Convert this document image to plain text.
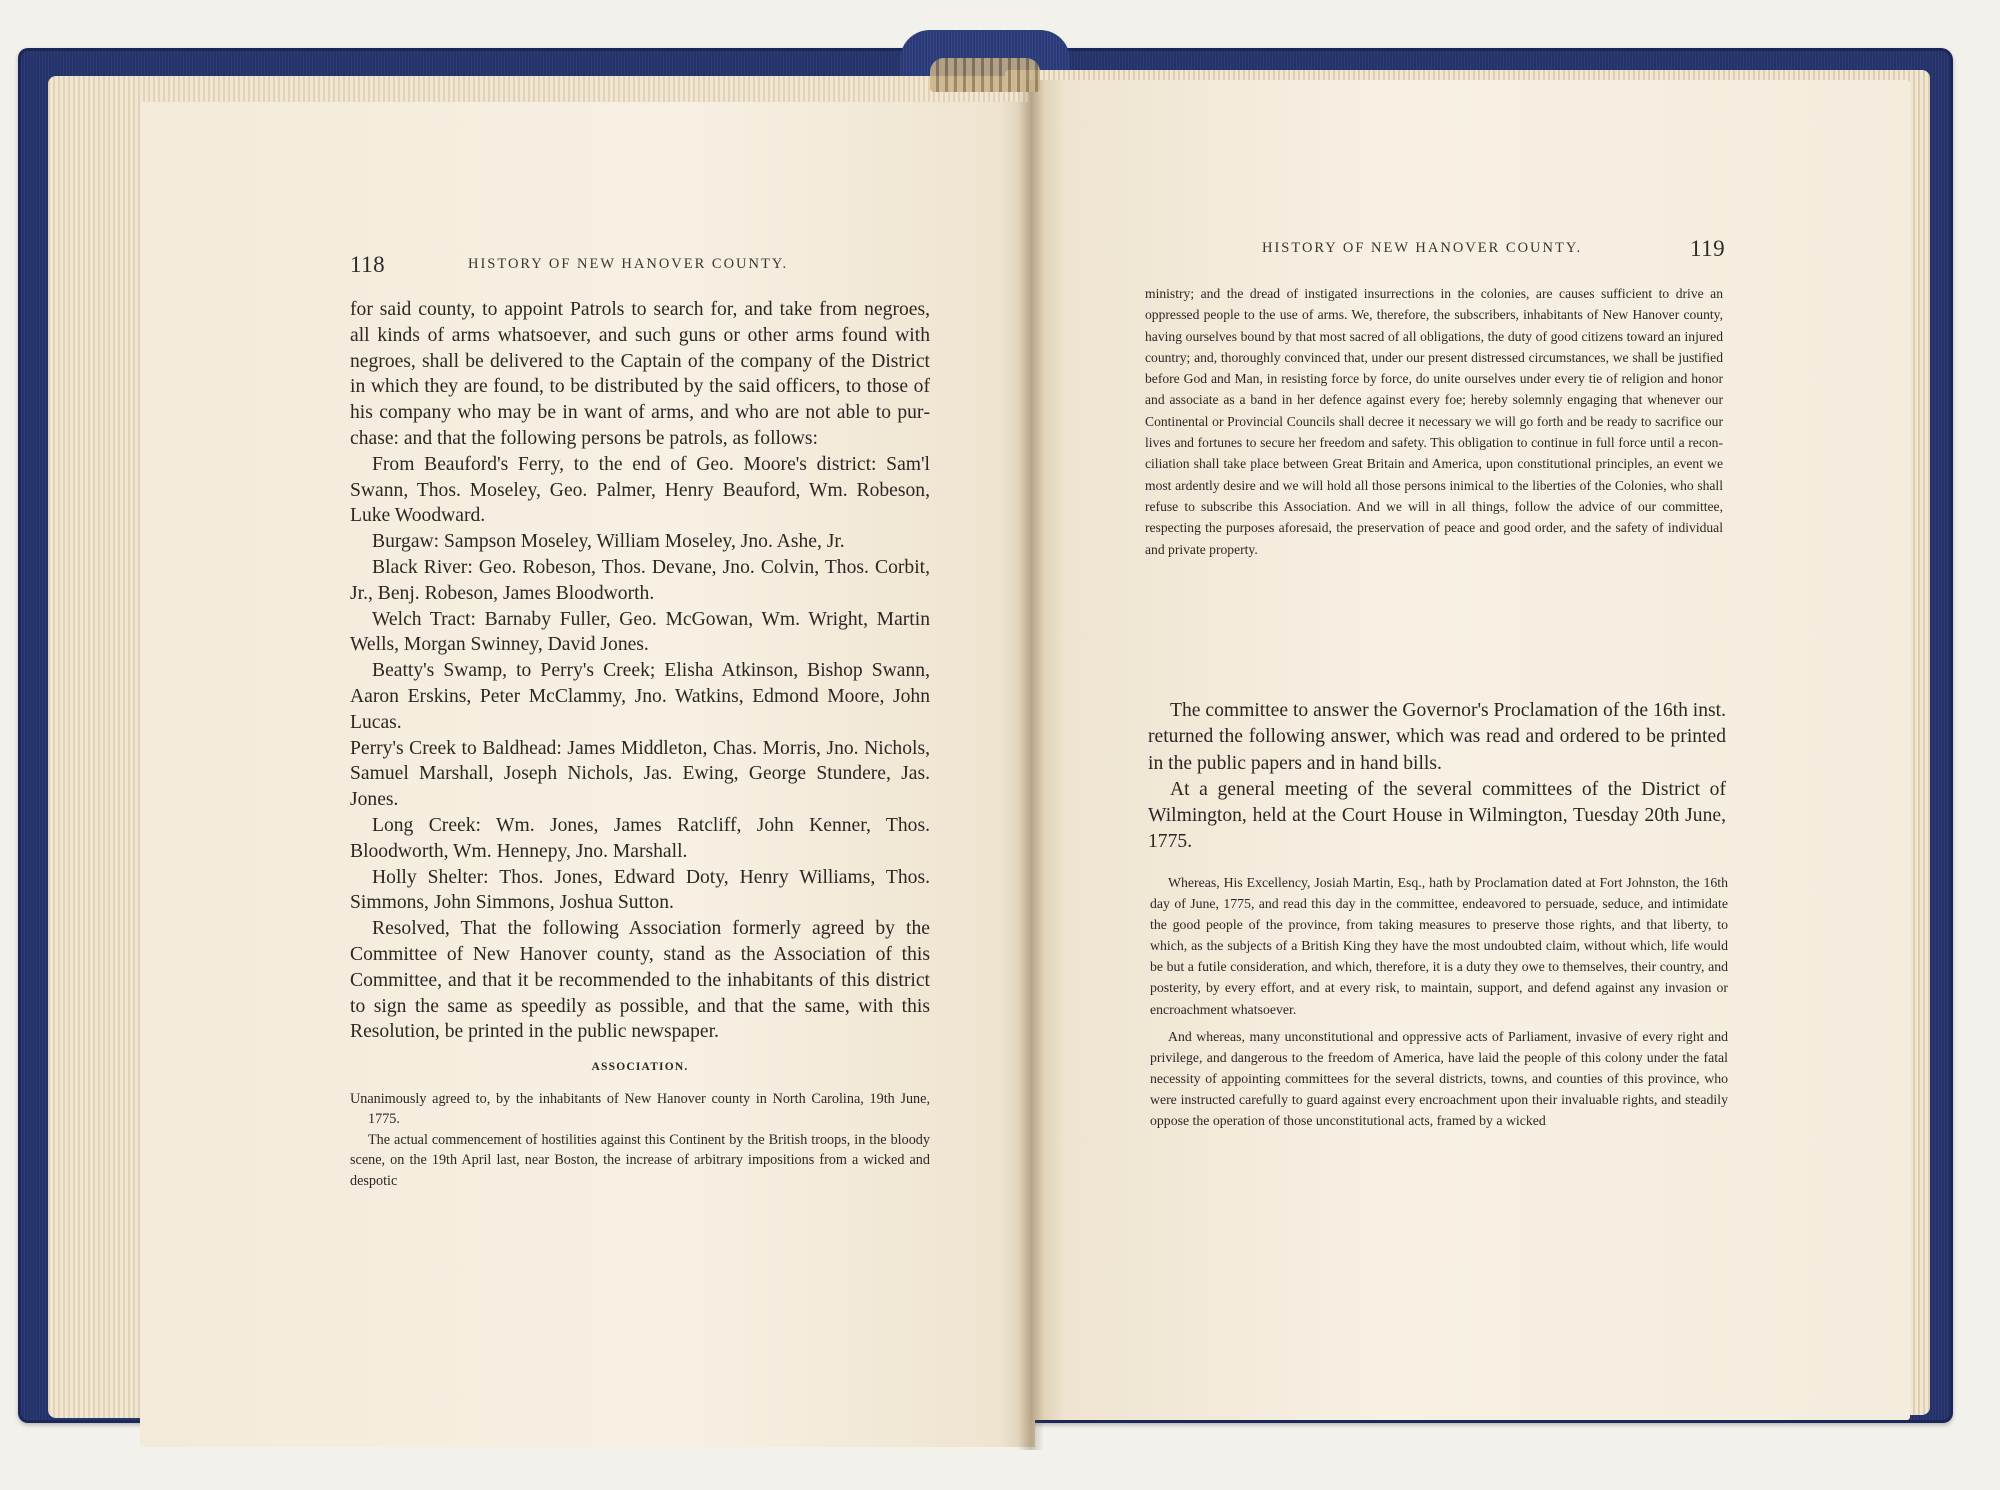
118	HISTORY OF NEW HANOVER COUNTY.

for said county, to appoint Patrols to search for, and take from negroes, all kinds of arms whatsoever, and such guns or other arms found with negroes, shall be delivered to the Captain of the company of the District in which they are found, to be distributed by the said officers, to those of his company who may be in want of arms, and who are not able to purchase: and that the following persons be patrols, as follows:

From Beauford's Ferry, to the end of Geo. Moore's district: Sam'l Swann, Thos. Moseley, Geo. Palmer, Henry Beauford, Wm. Robeson, Luke Woodward.

Burgaw: Sampson Moseley, William Moseley, Jno. Ashe, Jr.

Black River: Geo. Robeson, Thos. Devane, Jno. Colvin, Thos. Corbit, Jr., Benj. Robeson, James Bloodworth.

Welch Tract: Barnaby Fuller, Geo. McGowan, Wm. Wright, Martin Wells, Morgan Swinney, David Jones.

Beatty's Swamp, to Perry's Creek; Elisha Atkinson, Bishop Swann, Aaron Erskins, Peter McClammy, Jno. Watkins, Edmond Moore, John Lucas.

Perry's Creek to Baldhead: James Middleton, Chas. Morris, Jno. Nichols, Samuel Marshall, Joseph Nichols, Jas. Ewing, George Stundere, Jas. Jones.

Long Creek: Wm. Jones, James Ratcliff, John Kenner, Thos. Bloodworth, Wm. Hennepy, Jno. Marshall.

Holly Shelter: Thos. Jones, Edward Doty, Henry Williams, Thos. Simmons, John Simmons, Joshua Sutton.

Resolved, That the following Association formerly agreed by the Committee of New Hanover county, stand as the Association of this Committee, and that it be recommended to the inhabitants of this district to sign the same as speedily as possible, and that the same, with this Resolution, be printed in the public newspaper.

ASSOCIATION.

Unanimously agreed to, by the inhabitants of New Hanover county in North Carolina, 19th June, 1775.

The actual commencement of hostilities against this Continent by the British troops, in the bloody scene, on the 19th April last, near Boston, the increase of arbitrary impositions from a wicked and despotic

HISTORY OF NEW HANOVER COUNTY.	119

ministry; and the dread of instigated insurrections in the colonies, are causes sufficient to drive an oppressed people to the use of arms. We, therefore, the subscribers, inhabitants of New Hanover county, having ourselves bound by that most sacred of all obligations, the duty of good citizens toward an injured country; and, thoroughly convinced that, under our present distressed circumstances, we shall be justified before God and Man, in resisting force by force, do unite ourselves under every tie of religion and honor and associate as a band in her defence against every foe; hereby solemnly engaging that whenever our Continental or Provincial Councils shall decree it necessary we will go forth and be ready to sacrifice our lives and fortunes to secure her freedom and safety. This obligation to continue in full force until a reconciliation shall take place between Great Britain and America, upon constitutional principles, an event we most ardently desire and we will hold all those persons inimical to the liberties of the Colonies, who shall refuse to subscribe this Association. And we will in all things, follow the advice of our committee, respecting the purposes aforesaid, the preservation of peace and good order, and the safety of individual and private property.

The committee to answer the Governor's Proclamation of the 16th inst. returned the following answer, which was read and ordered to be printed in the public papers and in hand bills.

At a general meeting of the several committees of the District of Wilmington, held at the Court House in Wilmington, Tuesday 20th June, 1775.

Whereas, His Excellency, Josiah Martin, Esq., hath by Proclamation dated at Fort Johnston, the 16th day of June, 1775, and read this day in the committee, endeavored to persuade, seduce, and intimidate the good people of the province, from taking measures to preserve those rights, and that liberty, to which, as the subjects of a British King they have the most undoubted claim, without which, life would be but a futile consideration, and which, therefore, it is a duty they owe to themselves, their country, and posterity, by every effort, and at every risk, to maintain, support, and defend against any invasion or encroachment whatsoever.

And whereas, many unconstitutional and oppressive acts of Parliament, invasive of every right and privilege, and dangerous to the freedom of America, have laid the people of this colony under the fatal necessity of appointing committees for the several districts, towns, and counties of this province, who were instructed carefully to guard against every encroachment upon their invaluable rights, and steadily oppose the operation of those unconstitutional acts, framed by a wicked
